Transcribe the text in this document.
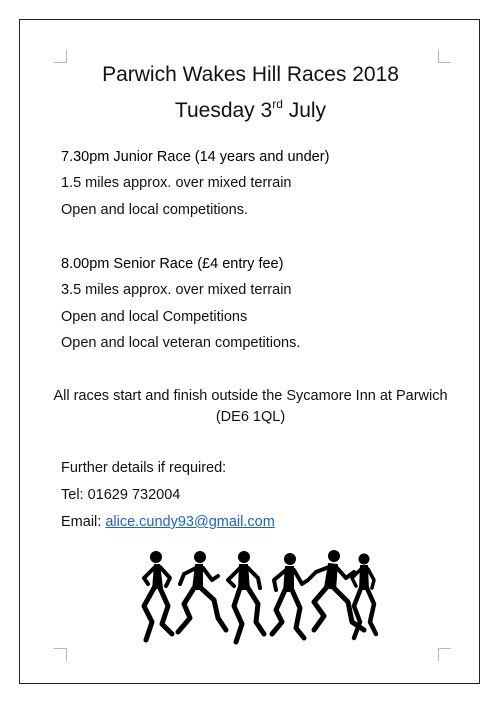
Parwich Wakes Hill Races 2018
Tuesday 3rd July
7.30pm Junior Race (14 years and under)
1.5 miles approx. over mixed terrain
Open and local competitions.
8.00pm Senior Race (£4 entry fee)
3.5 miles approx. over mixed terrain
Open and local Competitions
Open and local veteran competitions.
All races start and finish outside the Sycamore Inn at Parwich (DE6 1QL)
Further details if required:
Tel: 01629 732004
Email: alice.cundy93@gmail.com
